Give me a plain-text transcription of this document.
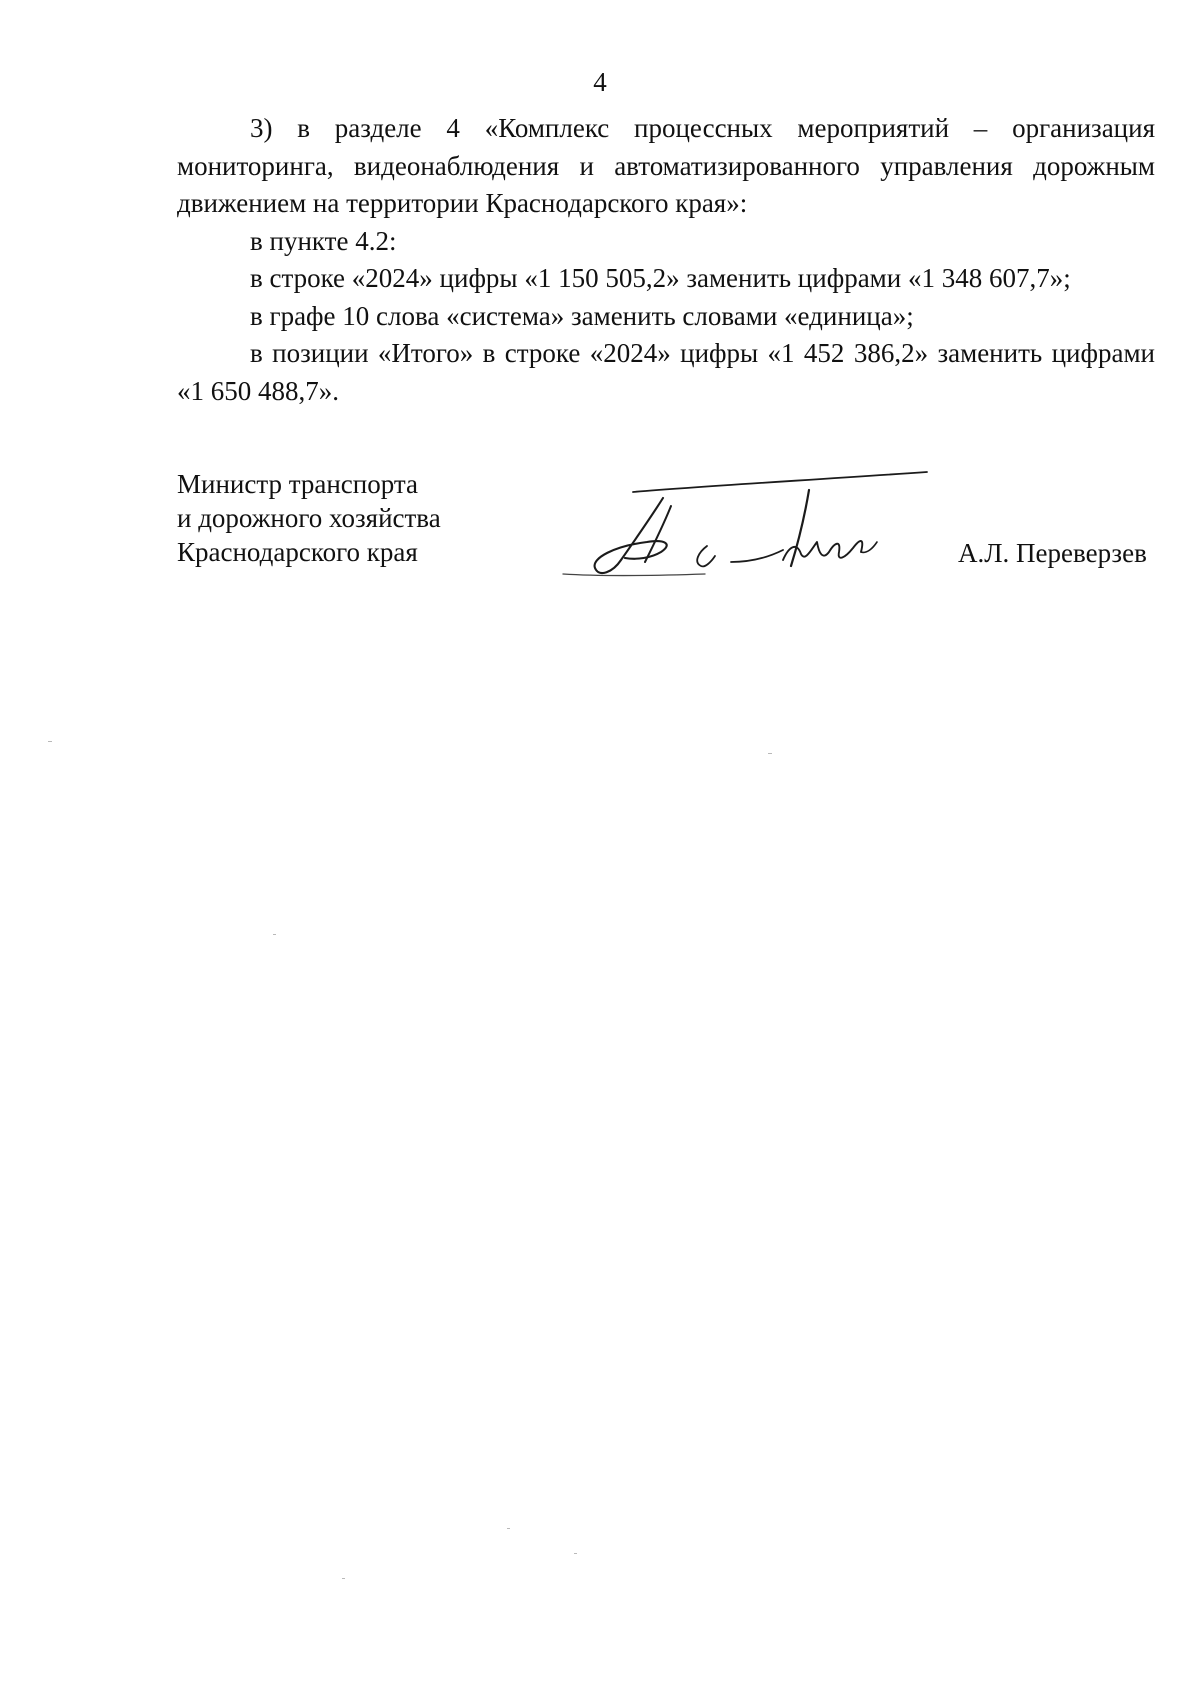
4

3) в разделе 4 «Комплекс процессных мероприятий – организация мониторинга, видеонаблюдения и автоматизированного управления дорожным движением на территории Краснодарского края»:

в пункте 4.2:

в строке «2024» цифры «1 150 505,2» заменить цифрами «1 348 607,7»;

в графе 10 слова «система» заменить словами «единица»;

в позиции «Итого» в строке «2024» цифры «1 452 386,2» заменить цифрами «1 650 488,7».

Министр транспорта
и дорожного хозяйства
Краснодарского края	А.Л. Переверзев
